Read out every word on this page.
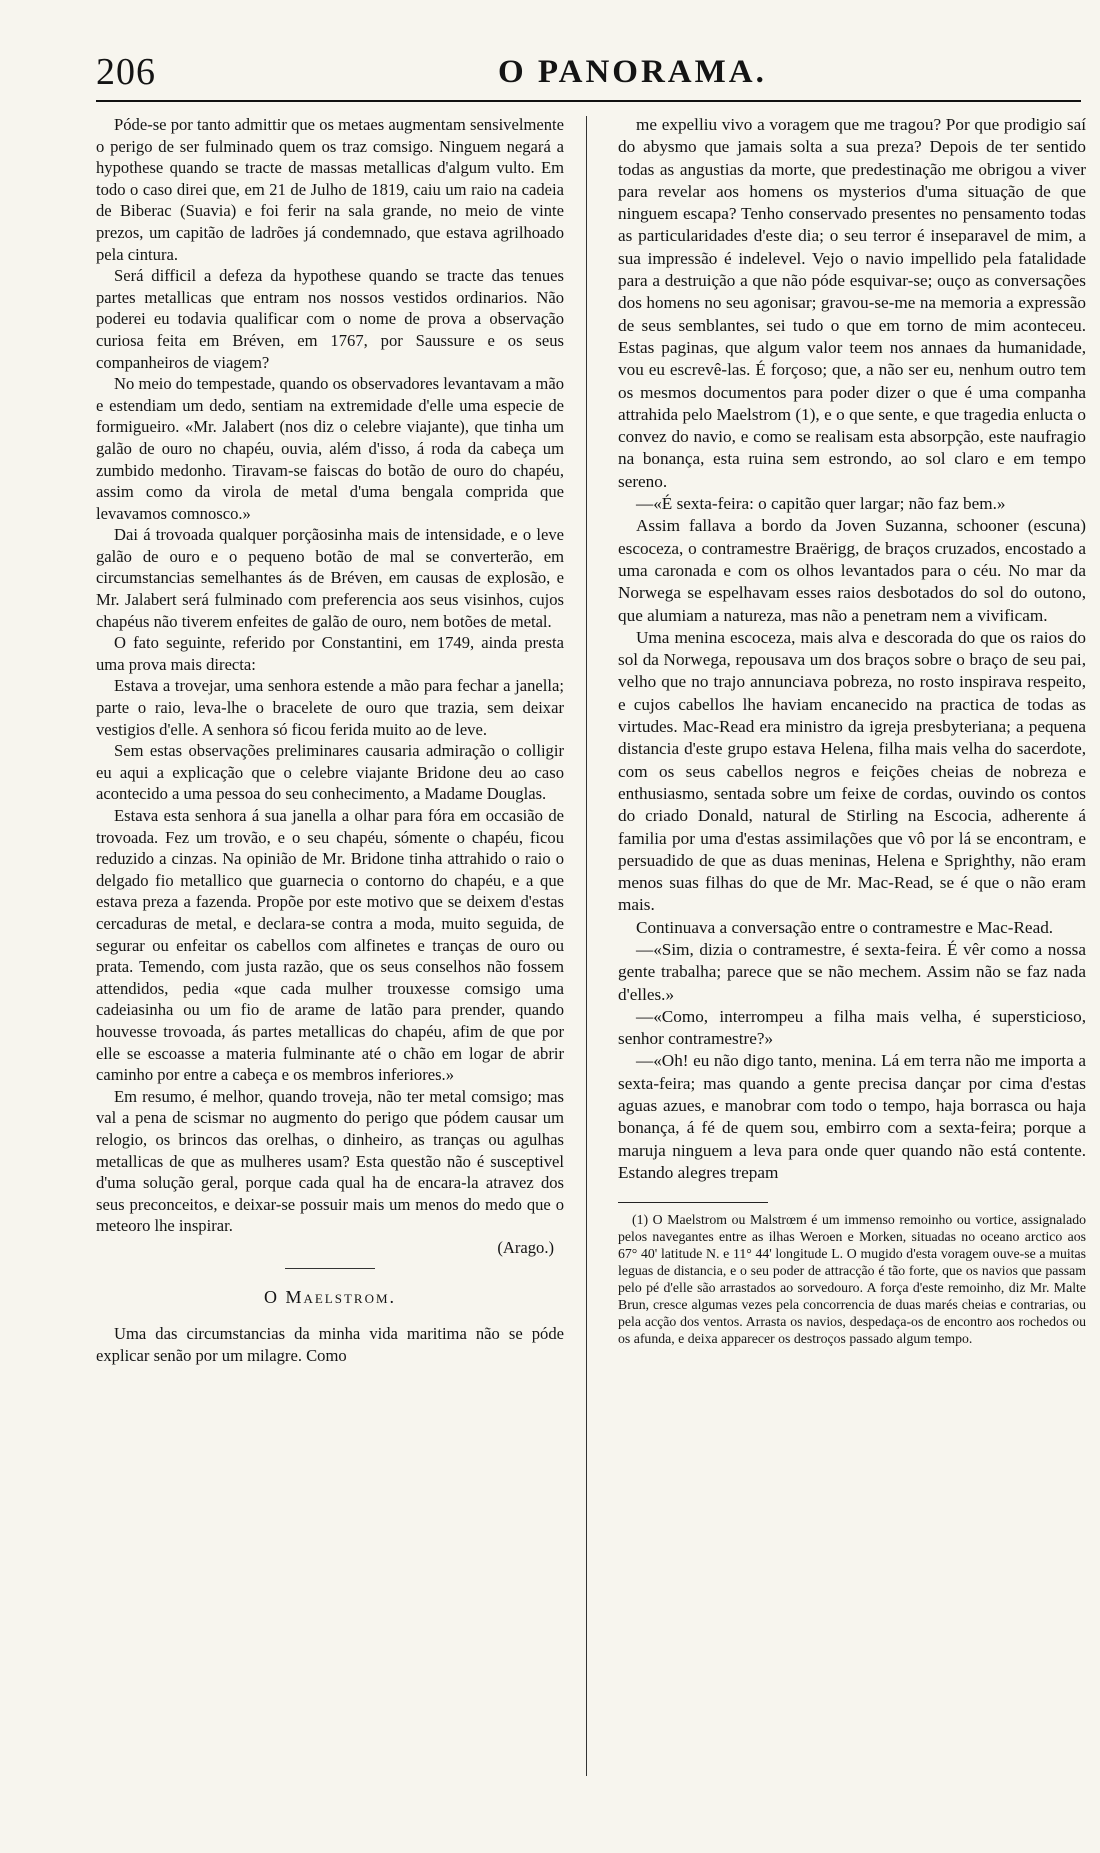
206	O PANORAMA.

Póde-se por tanto admittir que os metaes augmentam sensivelmente o perigo de ser fulminado quem os traz comsigo. Ninguem negará a hypothese quando se tracte de massas metallicas d'algum vulto. Em todo o caso direi que, em 21 de Julho de 1819, caiu um raio na cadeia de Biberac (Suavia) e foi ferir na sala grande, no meio de vinte prezos, um capitão de ladrões já condemnado, que estava agrilhoado pela cintura.

Será difficil a defeza da hypothese quando se tracte das tenues partes metallicas que entram nos nossos vestidos ordinarios. Não poderei eu todavia qualificar com o nome de prova a observação curiosa feita em Bréven, em 1767, por Saussure e os seus companheiros de viagem?

No meio do tempestade, quando os observadores levantavam a mão e estendiam um dedo, sentiam na extremidade d'elle uma especie de formigueiro. «Mr. Jalabert (nos diz o celebre viajante), que tinha um galão de ouro no chapéu, ouvia, além d'isso, á roda da cabeça um zumbido medonho. Tiravam-se faiscas do botão de ouro do chapéu, assim como da virola de metal d'uma bengala comprida que levavamos comnosco.»

Dai á trovoada qualquer porçãosinha mais de intensidade, e o leve galão de ouro e o pequeno botão de mal se converterão, em circumstancias semelhantes ás de Bréven, em causas de explosão, e Mr. Jalabert será fulminado com preferencia aos seus visinhos, cujos chapéus não tiverem enfeites de galão de ouro, nem botões de metal.

O fato seguinte, referido por Constantini, em 1749, ainda presta uma prova mais directa:

Estava a trovejar, uma senhora estende a mão para fechar a janella; parte o raio, leva-lhe o bracelete de ouro que trazia, sem deixar vestigios d'elle. A senhora só ficou ferida muito ao de leve.

Sem estas observações preliminares causaria admiração o colligir eu aqui a explicação que o celebre viajante Bridone deu ao caso acontecido a uma pessoa do seu conhecimento, a Madame Douglas.

Estava esta senhora á sua janella a olhar para fóra em occasião de trovoada. Fez um trovão, e o seu chapéu, sómente o chapéu, ficou reduzido a cinzas. Na opinião de Mr. Bridone tinha attrahido o raio o delgado fio metallico que guarnecia o contorno do chapéu, e a que estava preza a fazenda. Propõe por este motivo que se deixem d'estas cercaduras de metal, e declara-se contra a moda, muito seguida, de segurar ou enfeitar os cabellos com alfinetes e tranças de ouro ou prata. Temendo, com justa razão, que os seus conselhos não fossem attendidos, pedia «que cada mulher trouxesse comsigo uma cadeiasinha ou um fio de arame de latão para prender, quando houvesse trovoada, ás partes metallicas do chapéu, afim de que por elle se escoasse a materia fulminante até o chão em logar de abrir caminho por entre a cabeça e os membros inferiores.»

Em resumo, é melhor, quando troveja, não ter metal comsigo; mas val a pena de scismar no augmento do perigo que pódem causar um relogio, os brincos das orelhas, o dinheiro, as tranças ou agulhas metallicas de que as mulheres usam? Esta questão não é susceptivel d'uma solução geral, porque cada qual ha de encara-la atravez dos seus preconceitos, e deixar-se possuir mais um menos do medo que o meteoro lhe inspirar.

(Arago.)

O Maelstrom.

Uma das circumstancias da minha vida maritima não se póde explicar senão por um milagre. Como

me expelliu vivo a voragem que me tragou? Por que prodigio saí do abysmo que jamais solta a sua preza? Depois de ter sentido todas as angustias da morte, que predestinação me obrigou a viver para revelar aos homens os mysterios d'uma situação de que ninguem escapa? Tenho conservado presentes no pensamento todas as particularidades d'este dia; o seu terror é inseparavel de mim, a sua impressão é indelevel. Vejo o navio impellido pela fatalidade para a destruição a que não póde esquivar-se; ouço as conversações dos homens no seu agonisar; gravou-se-me na memoria a expressão de seus semblantes, sei tudo o que em torno de mim aconteceu. Estas paginas, que algum valor teem nos annaes da humanidade, vou eu escrevê-las. É forçoso; que, a não ser eu, nenhum outro tem os mesmos documentos para poder dizer o que é uma companha attrahida pelo Maelstrom (1), e o que sente, e que tragedia enlucta o convez do navio, e como se realisam esta absorpção, este naufragio na bonança, esta ruina sem estrondo, ao sol claro e em tempo sereno.

—«É sexta-feira: o capitão quer largar; não faz bem.»

Assim fallava a bordo da Joven Suzanna, schooner (escuna) escoceza, o contramestre Braërigg, de braços cruzados, encostado a uma caronada e com os olhos levantados para o céu. No mar da Norwega se espelhavam esses raios desbotados do sol do outono, que alumiam a natureza, mas não a penetram nem a vivificam.

Uma menina escoceza, mais alva e descorada do que os raios do sol da Norwega, repousava um dos braços sobre o braço de seu pai, velho que no trajo annunciava pobreza, no rosto inspirava respeito, e cujos cabellos lhe haviam encanecido na practica de todas as virtudes. Mac-Read era ministro da igreja presbyteriana; a pequena distancia d'este grupo estava Helena, filha mais velha do sacerdote, com os seus cabellos negros e feições cheias de nobreza e enthusiasmo, sentada sobre um feixe de cordas, ouvindo os contos do criado Donald, natural de Stirling na Escocia, adherente á familia por uma d'estas assimilações que vô por lá se encontram, e persuadido de que as duas meninas, Helena e Sprighthy, não eram menos suas filhas do que de Mr. Mac-Read, se é que o não eram mais.

Continuava a conversação entre o contramestre e Mac-Read.

—«Sim, dizia o contramestre, é sexta-feira. É vêr como a nossa gente trabalha; parece que se não mechem. Assim não se faz nada d'elles.»

—«Como, interrompeu a filha mais velha, é supersticioso, senhor contramestre?»

—«Oh! eu não digo tanto, menina. Lá em terra não me importa a sexta-feira; mas quando a gente precisa dançar por cima d'estas aguas azues, e manobrar com todo o tempo, haja borrasca ou haja bonança, á fé de quem sou, embirro com a sexta-feira; porque a maruja ninguem a leva para onde quer quando não está contente. Estando alegres trepam

(1) O Maelstrom ou Malstrœm é um immenso remoinho ou vortice, assignalado pelos navegantes entre as ilhas Weroen e Morken, situadas no oceano arctico aos 67° 40' latitude N. e 11° 44' longitude L. O mugido d'esta voragem ouve-se a muitas leguas de distancia, e o seu poder de attracção é tão forte, que os navios que passam pelo pé d'elle são arrastados ao sorvedouro. A força d'este remoinho, diz Mr. Malte Brun, cresce algumas vezes pela concorrencia de duas marés cheias e contrarias, ou pela acção dos ventos. Arrasta os navios, despedaça-os de encontro aos rochedos ou os afunda, e deixa apparecer os destroços passado algum tempo.
